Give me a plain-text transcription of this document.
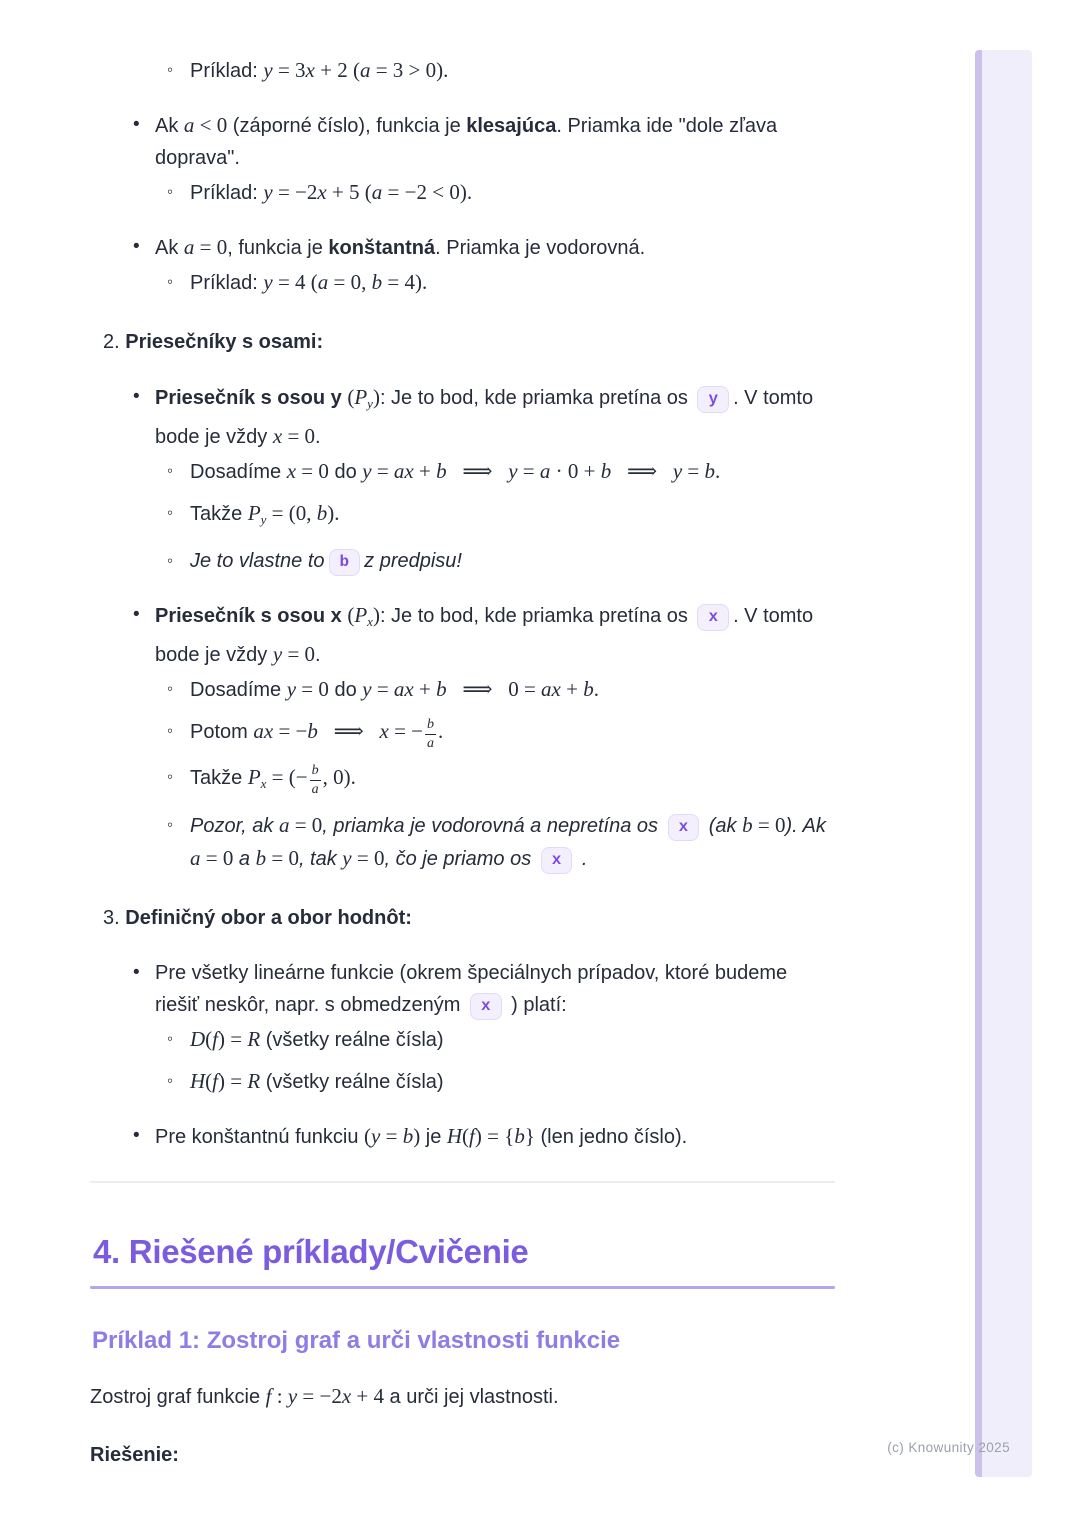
◦ Príklad: y = 3x + 2 (a = 3 > 0).
• Ak a < 0 (záporné číslo), funkcia je klesajúca. Priamka ide "dole zľava doprava".
◦ Príklad: y = −2x + 5 (a = −2 < 0).
• Ak a = 0, funkcia je konštantná. Priamka je vodorovná.
◦ Príklad: y = 4 (a = 0, b = 4).
2. Priesečníky s osami:
• Priesečník s osou y $(P_y)$: Je to bod, kde priamka pretína os y . V tomto bode je vždy x = 0.
◦ Dosadíme x = 0 do y = ax + b   ⟹  y = a · 0 + b   ⟹  y = b.
◦ Takže $P_y = (0$, b).
◦ Je to vlastne to b z predpisu!
• Priesečník s osou x $(P_x)$: Je to bod, kde priamka pretína os x . V tomto bode je vždy y = 0.
◦ Dosadíme y = 0 do y = ax + b   ⟹  0 = ax + b.
◦ Potom ax = −b   ⟹  x = − $\frac{b}{a}$ .
◦ Takže $P_x$ = (− $\frac{b}{a}$ , 0).
◦ Pozor, ak a = 0, priamka je vodorovná a nepretína os x (ak b = 0). Ak a = 0 a b = 0, tak y = 0, čo je priamo os x .
3. Definičný obor a obor hodnôt:
• Pre všetky lineárne funkcie (okrem špeciálnych prípadov, ktoré budeme riešiť neskôr, napr. s obmedzeným x ) platí:
◦ D(f) = R (všetky reálne čísla)
◦ H(f) = R (všetky reálne čísla)
• Pre konštantnú funkciu (y = b) je H(f) = {b} (len jedno číslo).
4. Riešené príklady/Cvičenie
Príklad 1: Zostroj graf a urči vlastnosti funkcie
Zostroj graf funkcie f : y = −2x + 4 a urči jej vlastnosti.
Riešenie:	(c) Knowunity 2025
